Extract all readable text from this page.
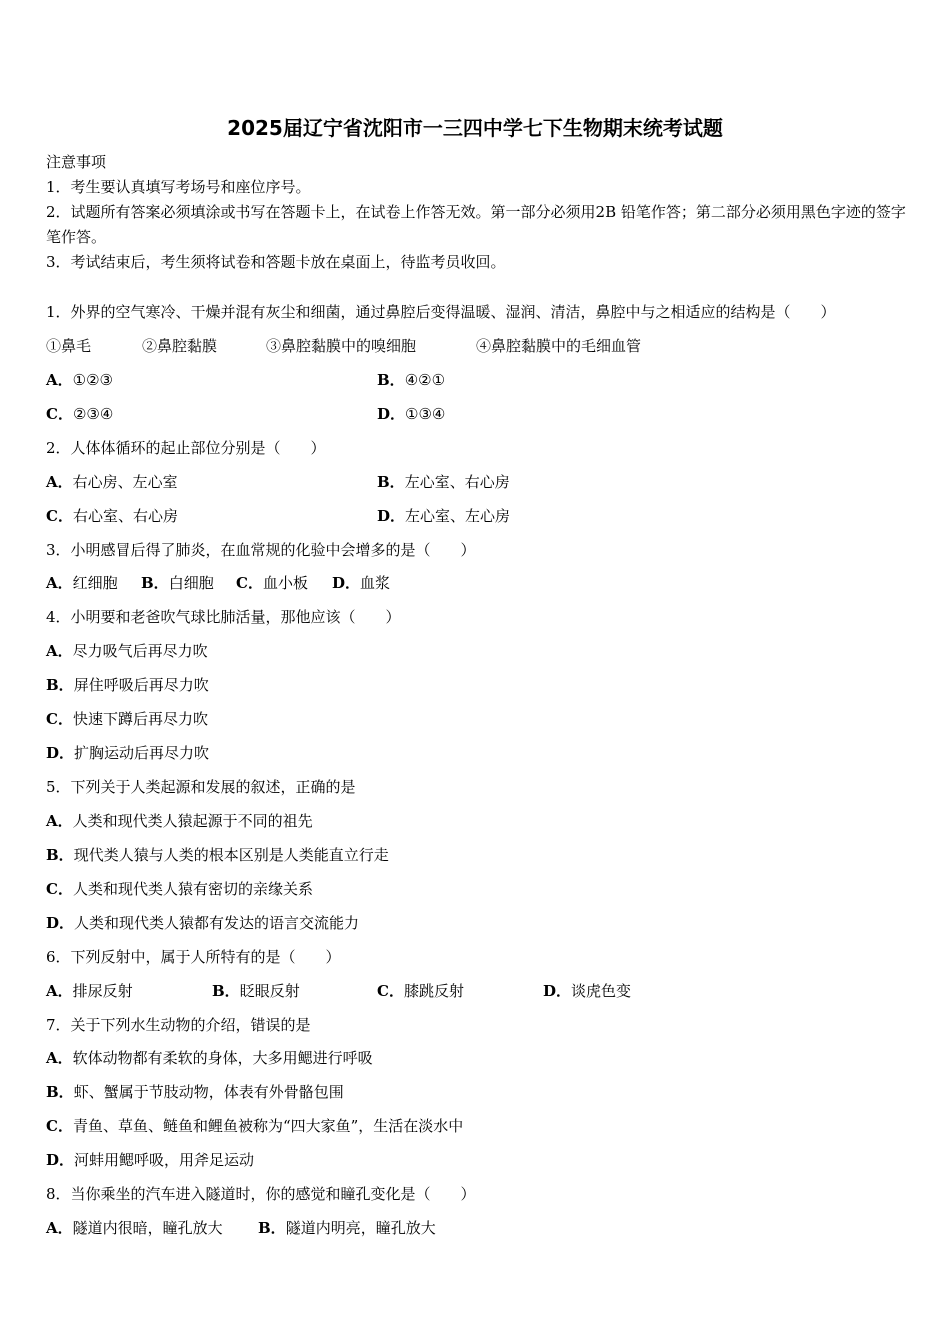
2025届辽宁省沈阳市一三四中学七下生物期末统考试题
注意事项
1．考生要认真填写考场号和座位序号。
2．试题所有答案必须填涂或书写在答题卡上，在试卷上作答无效。第一部分必须用2B 铅笔作答；第二部分必须用黑色字迹的签字笔作答。
3．考试结束后，考生须将试卷和答题卡放在桌面上，待监考员收回。
1．外界的空气寒冷、干燥并混有灰尘和细菌，通过鼻腔后变得温暖、湿润、清洁，鼻腔中与之相适应的结构是（　　）
①鼻毛	②鼻腔黏膜	③鼻腔黏膜中的嗅细胞	④鼻腔黏膜中的毛细血管
A．①②③	B．④②①
C．②③④	D．①③④
2．人体体循环的起止部位分别是（　　）
A．右心房、左心室	B．左心室、右心房
C．右心室、右心房	D．左心室、左心房
3．小明感冒后得了肺炎，在血常规的化验中会增多的是（　　）
A．红细胞 B．白细胞 C．血小板 D．血浆
4．小明要和老爸吹气球比肺活量，那他应该（　　）
A．尽力吸气后再尽力吹
B．屏住呼吸后再尽力吹
C．快速下蹲后再尽力吹
D．扩胸运动后再尽力吹
5．下列关于人类起源和发展的叙述，正确的是
A．人类和现代类人猿起源于不同的祖先
B．现代类人猿与人类的根本区别是人类能直立行走
C．人类和现代类人猿有密切的亲缘关系
D．人类和现代类人猿都有发达的语言交流能力
6．下列反射中，属于人所特有的是（　　）
A．排尿反射	B．眨眼反射	C．膝跳反射	D．谈虎色变
7．关于下列水生动物的介绍，错误的是
A．软体动物都有柔软的身体，大多用鳃进行呼吸
B．虾、蟹属于节肢动物，体表有外骨骼包围
C．青鱼、草鱼、鲢鱼和鲤鱼被称为“四大家鱼”，生活在淡水中
D．河蚌用鳃呼吸，用斧足运动
8．当你乘坐的汽车进入隧道时，你的感觉和瞳孔变化是（　　）
A．隧道内很暗，瞳孔放大 B．隧道内明亮，瞳孔放大
